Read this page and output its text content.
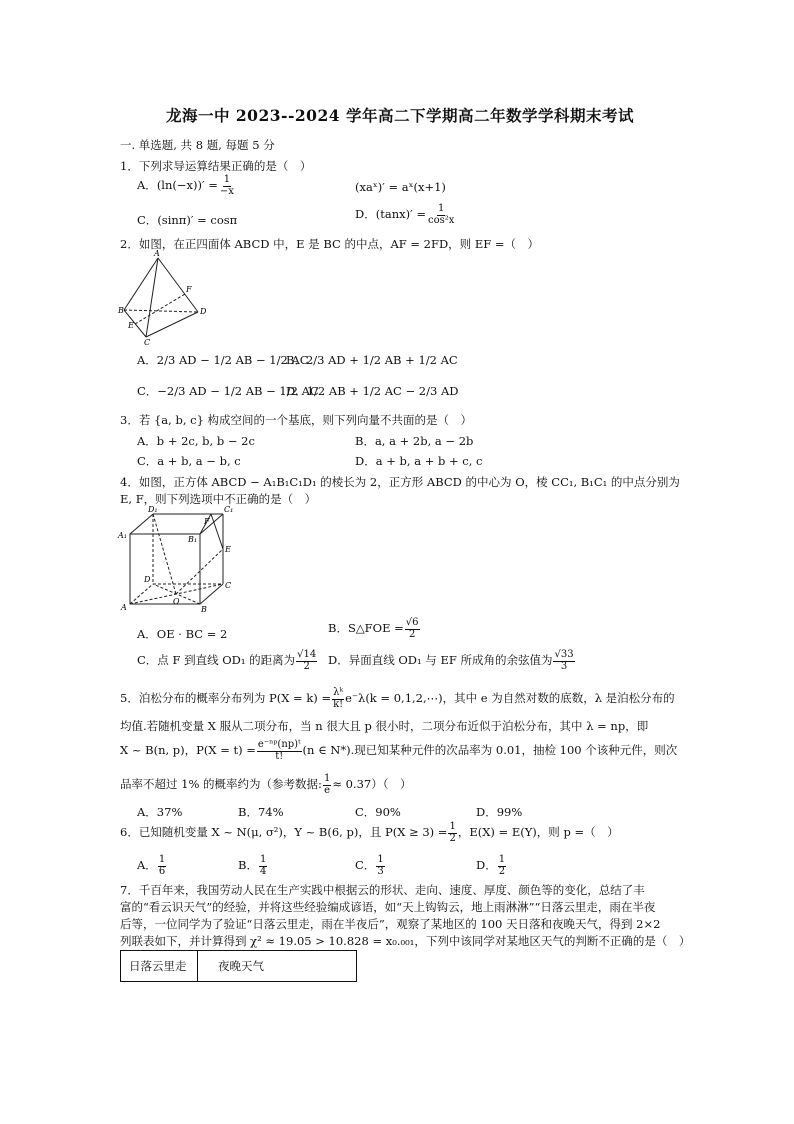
龙海一中 2023--2024 学年高二下学期高二年数学学科期末考试
一. 单选题, 共 8 题, 每题 5 分
1．下列求导运算结果正确的是（　）
A．$(\ln(-x))' = \frac{1}{-x}$	(xaˣ)′ = aˣ(x+1)
C．(sinπ)′ = cosπ	D．$(\tan x)' = \frac{1}{\text{cos²x}}$
2．如图，在正四面体 ABCD 中，E 是 BC 的中点，AF = 2FD，则 EF =（　）
A
F
B
E
D
C
A．2/3 AD − 1/2 AB − 1/2 AC
B．2/3 AD + 1/2 AB + 1/2 AC
C．−2/3 AD − 1/2 AB − 1/2 AC
D．1/2 AB + 1/2 AC − 2/3 AD
3．若 {a, b, c} 构成空间的一个基底，则下列向量不共面的是（　）
A．b + 2c, b, b − 2c	B．a, a + 2b, a − 2b
C．a + b, a − b, c	D．a + b, a + b + c, c
4．如图，正方体 ABCD − A₁B₁C₁D₁ 的棱长为 2，正方形 ABCD 的中心为 O，棱 CC₁, B₁C₁ 的中点分别为
E, F，则下列选项中不正确的是（　）
D₁	C₁
F
A₁	B₁
E
D
C
O
A	B
A．OE · BC = 2	B．S△FOE = $\frac{√6}{2}$
C．点 F 到直线 OD₁ 的距离为 $\frac{√14}{2}$ D．异面直线 OD₁ 与 EF 所成角的余弦值为 $\frac{√33}{3}$
5．泊松分布的概率分布列为 $P(X = k) = \frac{\text{λᵏ}}{k!} e^-\lambda(k$ = 0,1,2,⋯)，其中 e 为自然对数的底数，λ 是泊松分布的
均值.若随机变量 X 服从二项分布，当 n 很大且 p 很小时，二项分布近似于泊松分布，其中 λ = np，即
X ~ B(n, p)，$P(X = t) = \frac{\text{e⁻ⁿᵖ(np)ᵗ}}{t!} (n$ ∈ N*).现已知某种元件的次品率为 0.01，抽检 100 个该种元件，则次
品率不超过 1% 的概率约为（参考数据: $\frac{1}{e} \approx 0.37$）（　）
A．37%	B．74%	C．90%	D．99%
6．已知随机变量 X ~ N(μ, σ²)，Y ~ B(6, p)，且 $P(X \ge 3) = \frac{1}{2}$ ，E(X) = E(Y)，则 p =（　）
A． $\frac{1}{6}$	B． $\frac{1}{4}$	C． $\frac{1}{3}$	D． $\frac{1}{2}$
7．千百年来，我国劳动人民在生产实践中根据云的形状、走向、速度、厚度、颜色等的变化，总结了丰
富的“看云识天气”的经验，并将这些经验编成谚语，如“天上钩钩云，地上雨淋淋”“日落云里走，雨在半夜
后等，一位同学为了验证“日落云里走，雨在半夜后”，观察了某地区的 100 天日落和夜晚天气，得到 2×2
列联表如下，并计算得到 χ² ≈ 19.05 > 10.828 = x₀.₀₀₁，下列中该同学对某地区天气的判断不正确的是（　）
日落云里走	夜晚天气
